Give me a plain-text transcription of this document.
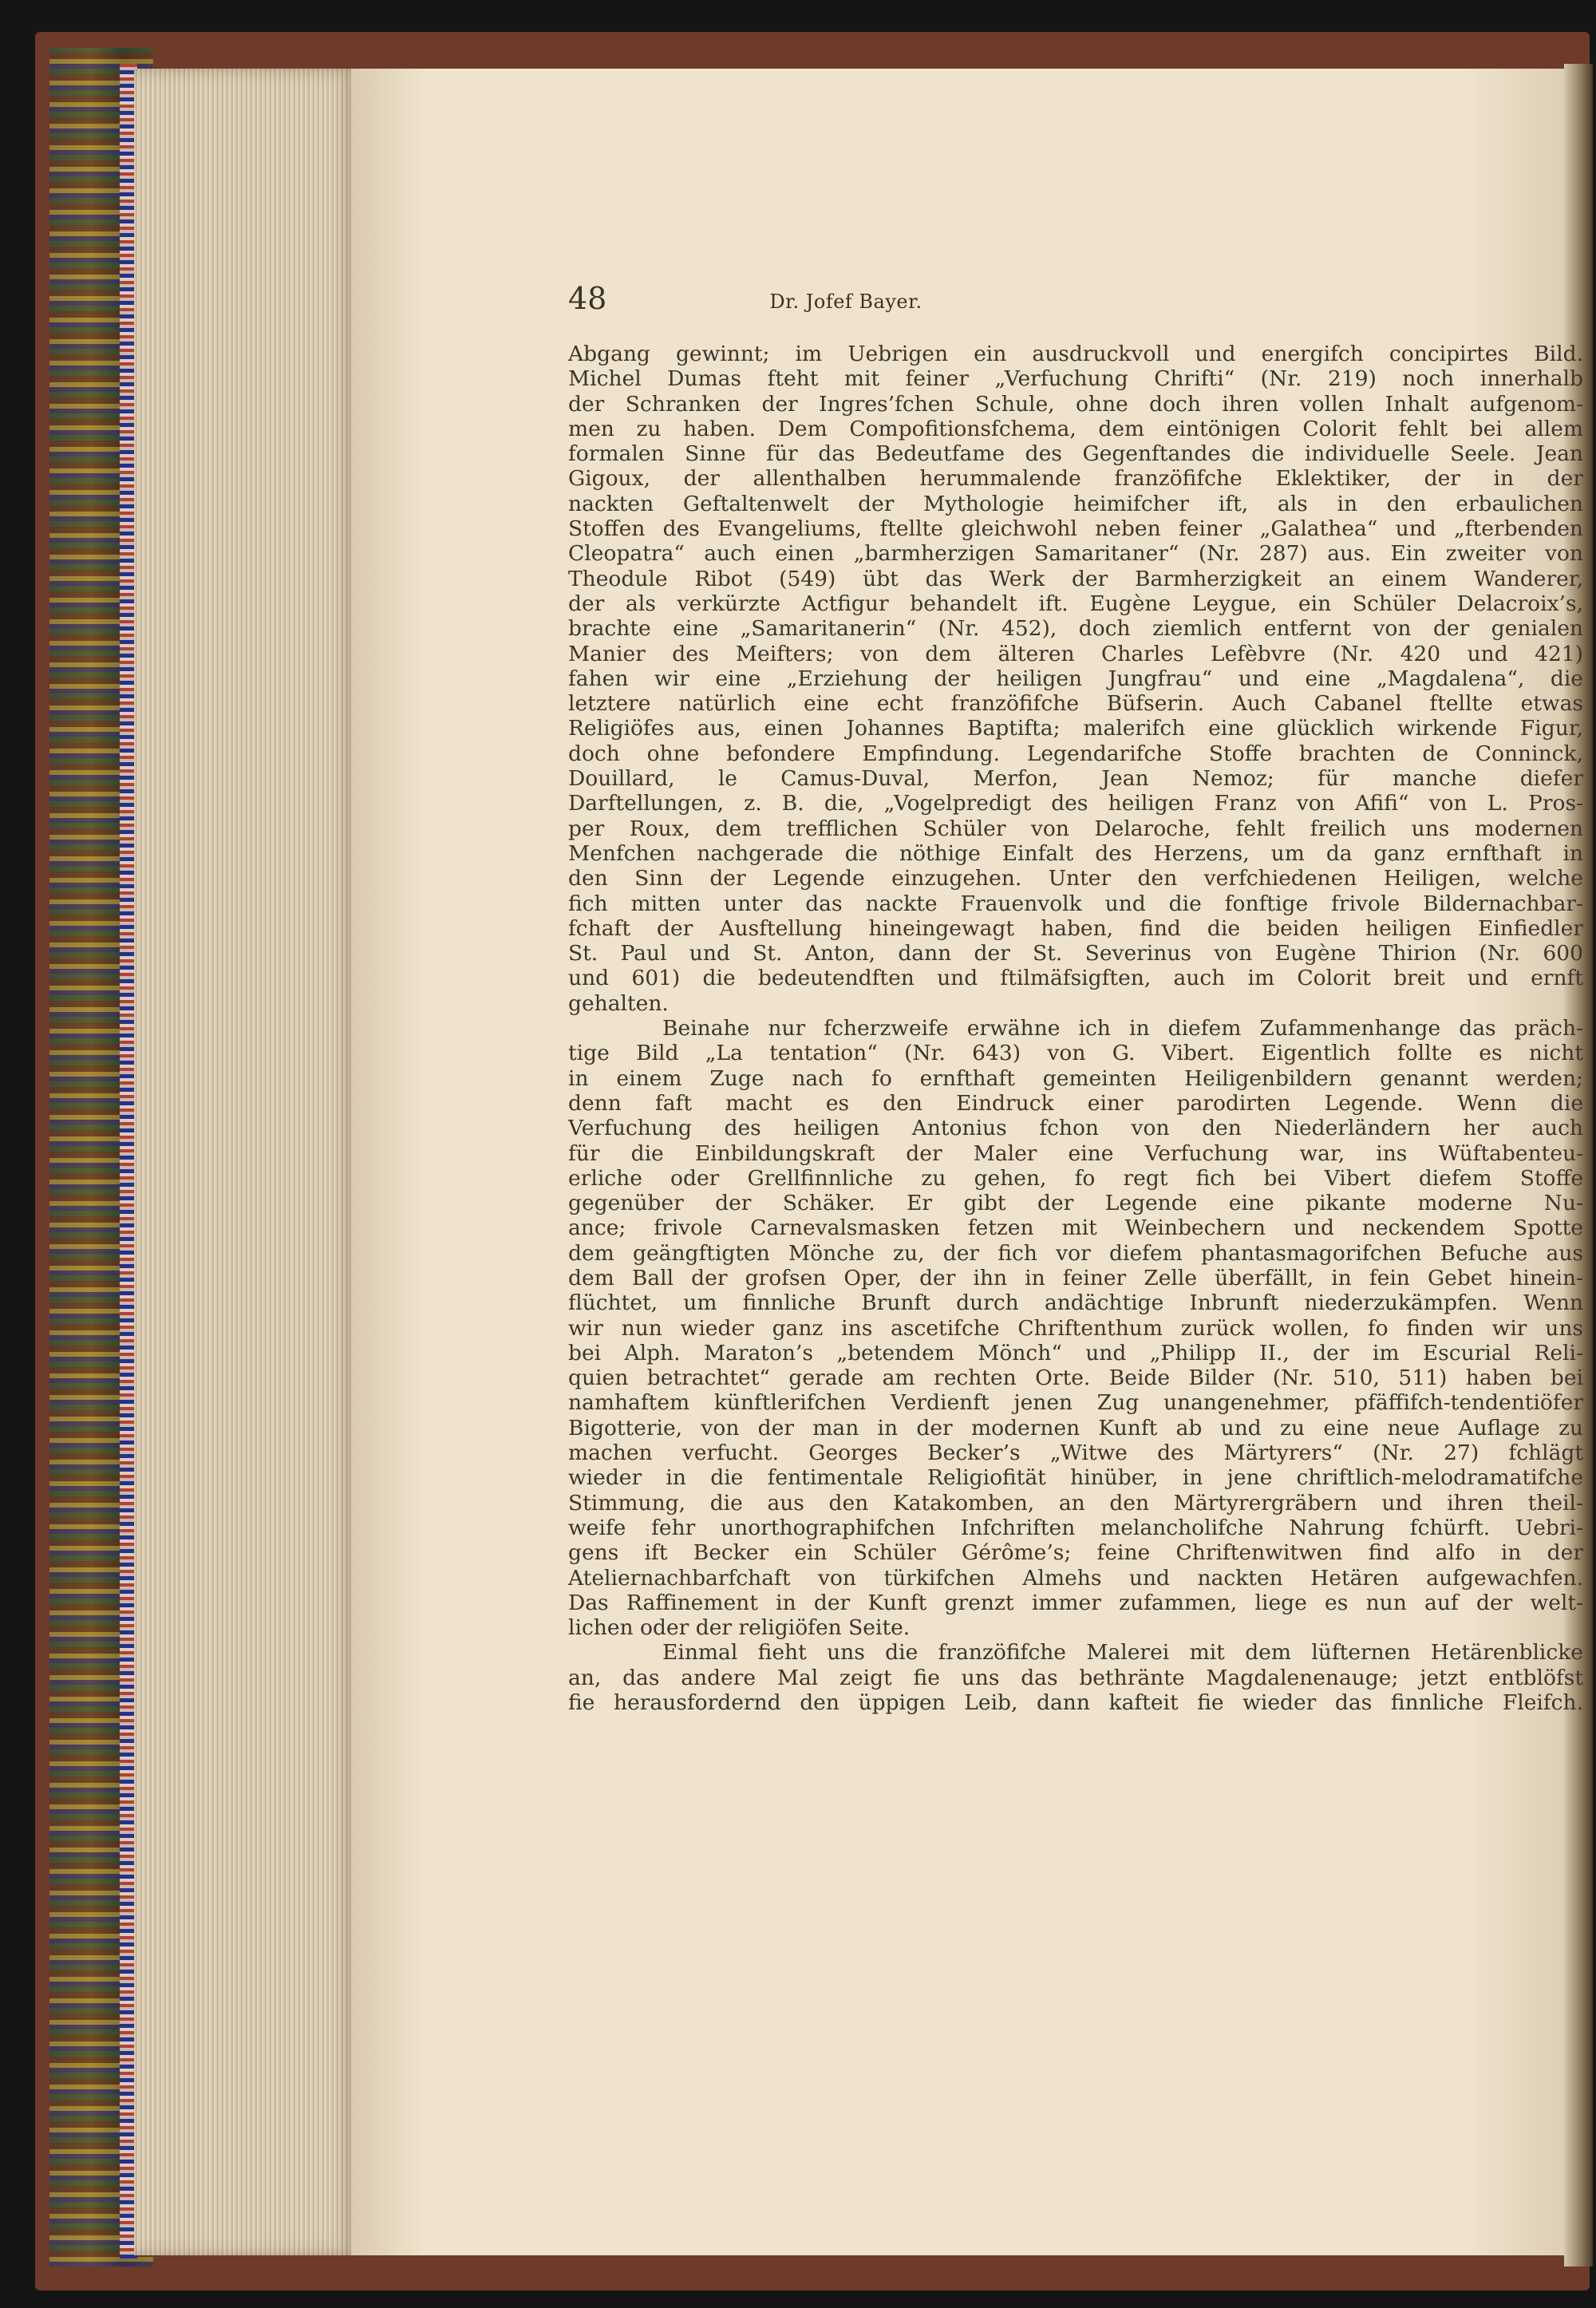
48	Dr. Jofef Bayer.
Abgang gewinnt; im Uebrigen ein ausdruckvoll und energifch concipirtes Bild.
Michel Dumas fteht mit feiner „Verfuchung Chrifti“ (Nr. 219) noch innerhalb
der Schranken der Ingres’fchen Schule, ohne doch ihren vollen Inhalt aufgenom-
men zu haben. Dem Compofitionsfchema, dem eintönigen Colorit fehlt bei allem
formalen Sinne für das Bedeutfame des Gegenftandes die individuelle Seele. Jean
Gigoux, der allenthalben herummalende franzöfifche Eklektiker, der in der
nackten Geftaltenwelt der Mythologie heimifcher ift, als in den erbaulichen
Stoffen des Evangeliums, ftellte gleichwohl neben feiner „Galathea“ und „fterbenden
Cleopatra“ auch einen „barmherzigen Samaritaner“ (Nr. 287) aus. Ein zweiter von
Theodule Ribot (549) übt das Werk der Barmherzigkeit an einem Wanderer,
der als verkürzte Actfigur behandelt ift. Eugène Leygue, ein Schüler Delacroix’s,
brachte eine „Samaritanerin“ (Nr. 452), doch ziemlich entfernt von der genialen
Manier des Meifters; von dem älteren Charles Lefèbvre (Nr. 420 und 421)
fahen wir eine „Erziehung der heiligen Jungfrau“ und eine „Magdalena“, die
letztere natürlich eine echt franzöfifche Büfserin. Auch Cabanel ftellte etwas
Religiöfes aus, einen Johannes Baptifta; malerifch eine glücklich wirkende Figur,
doch ohne befondere Empfindung. Legendarifche Stoffe brachten de Conninck,
Douillard, le Camus-Duval, Merfon, Jean Nemoz; für manche diefer
Darftellungen, z. B. die, „Vogelpredigt des heiligen Franz von Afifi“ von L. Pros-
per Roux, dem trefflichen Schüler von Delaroche, fehlt freilich uns modernen
Menfchen nachgerade die nöthige Einfalt des Herzens, um da ganz ernfthaft in
den Sinn der Legende einzugehen. Unter den verfchiedenen Heiligen, welche
fich mitten unter das nackte Frauenvolk und die fonftige frivole Bildernachbar-
fchaft der Ausftellung hineingewagt haben, find die beiden heiligen Einfiedler
St. Paul und St. Anton, dann der St. Severinus von Eugène Thirion (Nr. 600
und 601) die bedeutendften und ftilmäfsigften, auch im Colorit breit und ernft
gehalten.
Beinahe nur fcherzweife erwähne ich in diefem Zufammenhange das präch-
tige Bild „La tentation“ (Nr. 643) von G. Vibert. Eigentlich follte es nicht
in einem Zuge nach fo ernfthaft gemeinten Heiligenbildern genannt werden;
denn faft macht es den Eindruck einer parodirten Legende. Wenn die
Verfuchung des heiligen Antonius fchon von den Niederländern her auch
für die Einbildungskraft der Maler eine Verfuchung war, ins Wüftabenteu-
erliche oder Grellfinnliche zu gehen, fo regt fich bei Vibert diefem Stoffe
gegenüber der Schäker. Er gibt der Legende eine pikante moderne Nu-
ance; frivole Carnevalsmasken fetzen mit Weinbechern und neckendem Spotte
dem geängftigten Mönche zu, der fich vor diefem phantasmagorifchen Befuche aus
dem Ball der grofsen Oper, der ihn in feiner Zelle überfällt, in fein Gebet hinein-
flüchtet, um finnliche Brunft durch andächtige Inbrunft niederzukämpfen. Wenn
wir nun wieder ganz ins ascetifche Chriftenthum zurück wollen, fo finden wir uns
bei Alph. Maraton’s „betendem Mönch“ und „Philipp II., der im Escurial Reli-
quien betrachtet“ gerade am rechten Orte. Beide Bilder (Nr. 510, 511) haben bei
namhaftem künftlerifchen Verdienft jenen Zug unangenehmer, pfäffifch-tendentiöfer
Bigotterie, von der man in der modernen Kunft ab und zu eine neue Auflage zu
machen verfucht. Georges Becker’s „Witwe des Märtyrers“ (Nr. 27) fchlägt
wieder in die fentimentale Religiofität hinüber, in jene chriftlich-melodramatifche
Stimmung, die aus den Katakomben, an den Märtyrergräbern und ihren theil-
weife fehr unorthographifchen Infchriften melancholifche Nahrung fchürft. Uebri-
gens ift Becker ein Schüler Gérôme’s; feine Chriftenwitwen find alfo in der
Ateliernachbarfchaft von türkifchen Almehs und nackten Hetären aufgewachfen.
Das Raffinement in der Kunft grenzt immer zufammen, liege es nun auf der welt-
lichen oder der religiöfen Seite.
Einmal fieht uns die franzöfifche Malerei mit dem lüfternen Hetärenblicke
an, das andere Mal zeigt fie uns das bethränte Magdalenenauge; jetzt entblöfst
fie herausfordernd den üppigen Leib, dann kafteit fie wieder das finnliche Fleifch.
